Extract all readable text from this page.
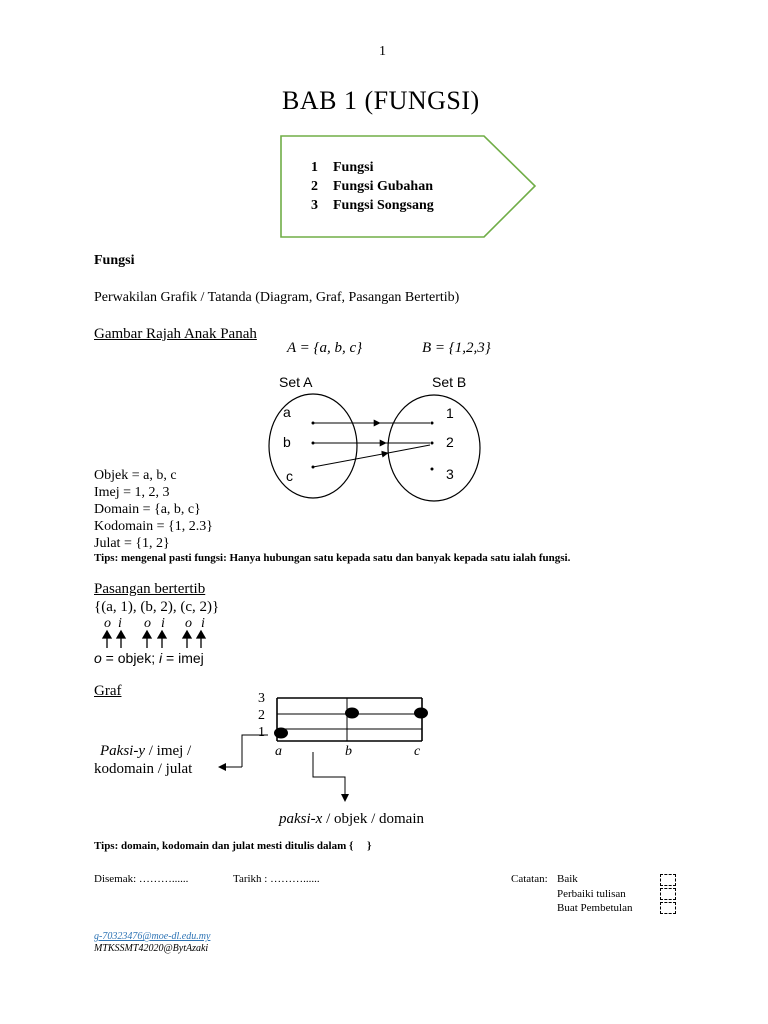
1
BAB 1 (FUNGSI)
1 Fungsi
2 Fungsi Gubahan
3 Fungsi Songsang
Fungsi
Perwakilan Grafik / Tatanda (Diagram, Graf, Pasangan Bertertib)
Gambar Rajah Anak Panah
A = {a, b, c}	B = {1,2,3}
Set A	Set B
a
b
c
1
2
3
Objek = a, b, c
Imej = 1, 2, 3
Domain = {a, b, c}
Kodomain = {1, 2.3}
Julat = {1, 2}
Tips: mengenal pasti fungsi: Hanya hubungan satu kepada satu dan banyak kepada satu ialah fungsi.
Pasangan bertertib
{(a, 1), (b, 2), (c, 2)}
o i o i o i
o = objek; i = imej
Graf	3
2
1
a	b	c
Paksi-y / imej /
kodomain / julat
paksi-x / objek / domain
Tips: domain, kodomain dan julat mesti ditulis dalam {     }
Disemak: ………......	Tarikh : ………......	Catatan: Baik
Perbaiki tulisan
Buat Pembetulan
g-70323476@moe-dl.edu.my
MTKSSMT42020@BytAzaki
